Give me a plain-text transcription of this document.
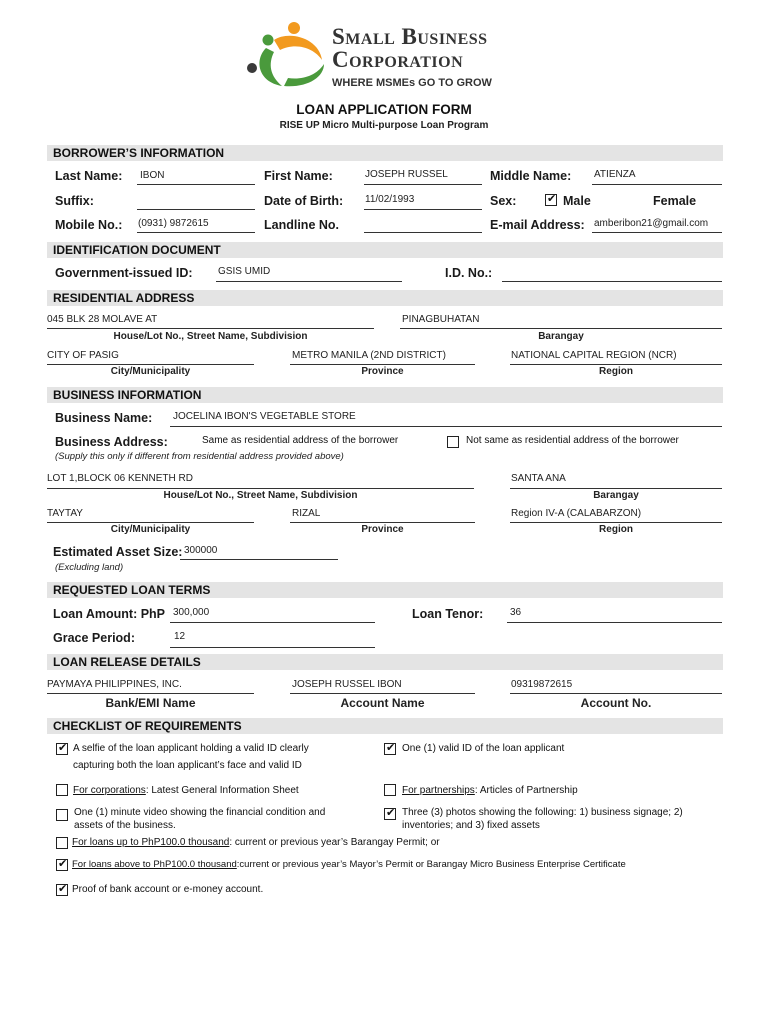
Small Business
Corporation
WHERE MSMEs GO TO GROW
LOAN APPLICATION FORM
RISE UP Micro Multi-purpose Loan Program
BORROWER’S INFORMATION
Last Name: IBON	First Name:	JOSEPH RUSSEL	Middle Name: ATIENZA
Suffix:	Date of Birth: 11/02/1993	Sex:	✔ Male	Female
Mobile No.: (0931) 9872615	Landline No.	E-mail Address: amberibon21@gmail.com
IDENTIFICATION DOCUMENT
Government-issued ID:	GSIS UMID	I.D. No.:
RESIDENTIAL ADDRESS
045 BLK 28 MOLAVE AT	PINAGBUHATAN
House/Lot No., Street Name, Subdivision	Barangay
CITY OF PASIG	METRO MANILA (2ND DISTRICT)	NATIONAL CAPITAL REGION (NCR)
City/Municipality	Province	Region
BUSINESS INFORMATION
Business Name: JOCELINA IBON'S VEGETABLE STORE
Business Address:	Same as residential address of the borrower	Not same as residential address of the borrower
(Supply this only if different from residential address provided above)
LOT 1,BLOCK 06 KENNETH RD	SANTA ANA
House/Lot No., Street Name, Subdivision	Barangay
TAYTAY	RIZAL	Region IV-A (CALABARZON)
City/Municipality	Province	Region
Estimated Asset Size: 300000
(Excluding land)
REQUESTED LOAN TERMS
Loan Amount: PhP 300,000	Loan Tenor:	36
Grace Period:	12
LOAN RELEASE DETAILS
PAYMAYA PHILIPPINES, INC.	JOSEPH RUSSEL IBON	09319872615
Bank/EMI Name	Account Name	Account No.
CHECKLIST OF REQUIREMENTS
✔ A selfie of the loan applicant holding a valid ID clearly
capturing both the loan applicant’s face and valid ID
✔ One (1) valid ID of the loan applicant
For corporations: Latest General Information Sheet	For partnerships: Articles of Partnership
One (1) minute video showing the financial condition and
assets of the business.
✔ Three (3) photos showing the following: 1) business signage; 2)
inventories; and 3) fixed assets
For loans up to PhP100.0 thousand: current or previous year’s Barangay Permit; or
✔ For loans above to PhP100.0 thousand:current or previous year’s Mayor’s Permit or Barangay Micro Business Enterprise Certificate
✔ Proof of bank account or e-money account.
